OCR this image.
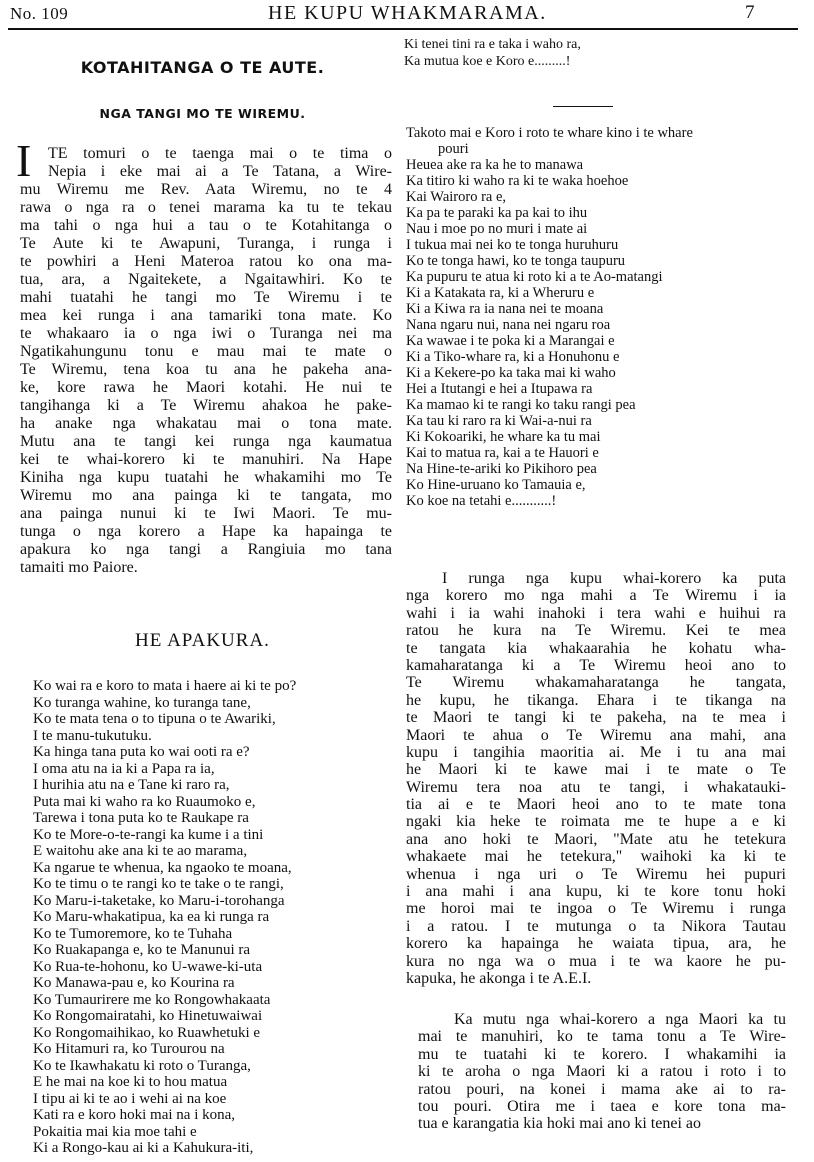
No. 109	HE KUPU WHAKMARAMA.	7
KOTAHITANGA O TE AUTE.
NGA TANGI MO TE WIREMU.
I	TE tomuri o te taenga mai o te tima o
Nepia i eke mai ai a Te Tatana, a Wire-
mu Wiremu me Rev. Aata Wiremu, no te 4
rawa o nga ra o tenei marama ka tu te tekau
ma tahi o nga hui a tau o te Kotahitanga o
Te Aute ki te Awapuni, Turanga, i runga i
te powhiri a Heni Materoa ratou ko ona ma-
tua, ara, a Ngaitekete, a Ngaitawhiri. Ko te
mahi tuatahi he tangi mo Te Wiremu i te
mea kei runga i ana tamariki tona mate. Ko
te whakaaro ia o nga iwi o Turanga nei ma
Ngatikahungunu tonu e mau mai te mate o
Te Wiremu, tena koa tu ana he pakeha ana-
ke, kore rawa he Maori kotahi. He nui te
tangihanga ki a Te Wiremu ahakoa he pake-
ha anake nga whakatau mai o tona mate.
Mutu ana te tangi kei runga nga kaumatua
kei te whai-korero ki te manuhiri. Na Hape
Kiniha nga kupu tuatahi he whakamihi mo Te
Wiremu mo ana painga ki te tangata, mo
ana painga nunui ki te Iwi Maori. Te mu-
tunga o nga korero a Hape ka hapainga te
apakura ko nga tangi a Rangiuia mo tana
tamaiti mo Paiore.
HE APAKURA.
Ko wai ra e koro to mata i haere ai ki te po?
Ko turanga wahine, ko turanga tane,
Ko te mata tena o to tipuna o te Awariki,
I te manu-tukutuku.
Ka hinga tana puta ko wai ooti ra e?
I oma atu na ia ki a Papa ra ia,
I hurihia atu na e Tane ki raro ra,
Puta mai ki waho ra ko Ruaumoko e,
Tarewa i tona puta ko te Raukape ra
Ko te More-o-te-rangi ka kume i a tini
E waitohu ake ana ki te ao marama,
Ka ngarue te whenua, ka ngaoko te moana,
Ko te timu o te rangi ko te take o te rangi,
Ko Maru-i-taketake, ko Maru-i-torohanga
Ko Maru-whakatipua, ka ea ki runga ra
Ko te Tumoremore, ko te Tuhaha
Ko Ruakapanga e, ko te Manunui ra
Ko Rua-te-hohonu, ko U-wawe-ki-uta
Ko Manawa-pau e, ko Kourina ra
Ko Tumaurirere me ko Rongowhakaata
Ko Rongomairatahi, ko Hinetuwaiwai
Ko Rongomaihikao, ko Ruawhetuki e
Ko Hitamuri ra, ko Turourou na
Ko te Ikawhakatu ki roto o Turanga,
E he mai na koe ki to hou matua
I tipu ai ki te ao i wehi ai na koe
Kati ra e koro hoki mai na i kona,
Pokaitia mai kia moe tahi e
Ki a Rongo-kau ai ki a Kahukura-iti,
Ki tenei tini ra e taka i waho ra,
Ka mutua koe e Koro e.........!
Takoto mai e Koro i roto te whare kino i te whare
pouri
Heuea ake ra ka he to manawa
Ka titiro ki waho ra ki te waka hoehoe
Kai Wairoro ra e,
Ka pa te paraki ka pa kai to ihu
Nau i moe po no muri i mate ai
I tukua mai nei ko te tonga huruhuru
Ko te tonga hawi, ko te tonga taupuru
Ka pupuru te atua ki roto ki a te Ao-matangi
Ki a Katakata ra, ki a Wheruru e
Ki a Kiwa ra ia nana nei te moana
Nana ngaru nui, nana nei ngaru roa
Ka wawae i te poka ki a Marangai e
Ki a Tiko-whare ra, ki a Honuhonu e
Ki a Kekere-po ka taka mai ki waho
Hei a Itutangi e hei a Itupawa ra
Ka mamao ki te rangi ko taku rangi pea
Ka tau ki raro ra ki Wai-a-nui ra
Ki Kokoariki, he whare ka tu mai
Kai to matua ra, kai a te Hauori e
Na Hine-te-ariki ko Pikihoro pea
Ko Hine-uruano ko Tamauia e,
Ko koe na tetahi e...........!
I runga nga kupu whai-korero ka puta
nga korero mo nga mahi a Te Wiremu i ia
wahi i ia wahi inahoki i tera wahi e huihui ra
ratou he kura na Te Wiremu. Kei te mea
te tangata kia whakaarahia he kohatu wha-
kamaharatanga ki a Te Wiremu heoi ano to
Te Wiremu whakamaharatanga he tangata,
he kupu, he tikanga. Ehara i te tikanga na
te Maori te tangi ki te pakeha, na te mea i
Maori te ahua o Te Wiremu ana mahi, ana
kupu i tangihia maoritia ai. Me i tu ana mai
he Maori ki te kawe mai i te mate o Te
Wiremu tera noa atu te tangi, i whakatauki-
tia ai e te Maori heoi ano to te mate tona
ngaki kia heke te roimata me te hupe a e ki
ana ano hoki te Maori, "Mate atu he tetekura
whakaete mai he tetekura," waihoki ka ki te
whenua i nga uri o Te Wiremu hei pupuri
i ana mahi i ana kupu, ki te kore tonu hoki
me horoi mai te ingoa o Te Wiremu i runga
i a ratou. I te mutunga o ta Nikora Tautau
korero ka hapainga he waiata tipua, ara, he
kura no nga wa o mua i te wa kaore he pu-
kapuka, he akonga i te A.E.I.
Ka mutu nga whai-korero a nga Maori ka tu
mai te manuhiri, ko te tama tonu a Te Wire-
mu te tuatahi ki te korero. I whakamihi ia
ki te aroha o nga Maori ki a ratou i roto i to
ratou pouri, na konei i mama ake ai to ra-
tou pouri. Otira me i taea e kore tona ma-
tua e karangatia kia hoki mai ano ki tenei ao
